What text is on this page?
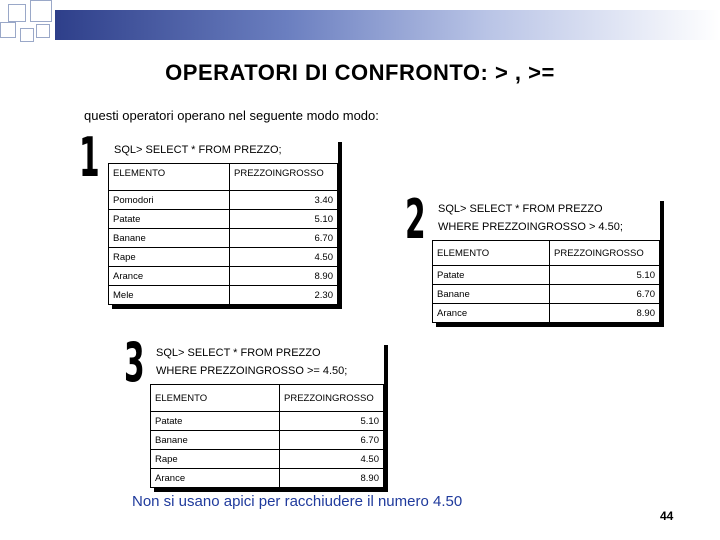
OPERATORI DI CONFRONTO: > , >=
questi operatori operano nel seguente modo modo:
1	SQL> SELECT * FROM PREZZO;
ELEMENTO	PREZZOINGROSSO

Pomodori	3.40
Patate	5.10
Banane	6.70
Rape	4.50
Arance	8.90
Mele	2.30
2 SQL> SELECT * FROM PREZZO
WHERE PREZZOINGROSSO > 4.50;
ELEMENTO	PREZZOINGROSSO
Patate	5.10
Banane	6.70
Arance	8.90
3 SQL> SELECT * FROM PREZZO
WHERE PREZZOINGROSSO >= 4.50;
ELEMENTO	PREZZOINGROSSO
Patate	5.10
Banane	6.70
Rape	4.50
Arance	8.90
Non si usano apici per racchiudere il numero 4.50
44
